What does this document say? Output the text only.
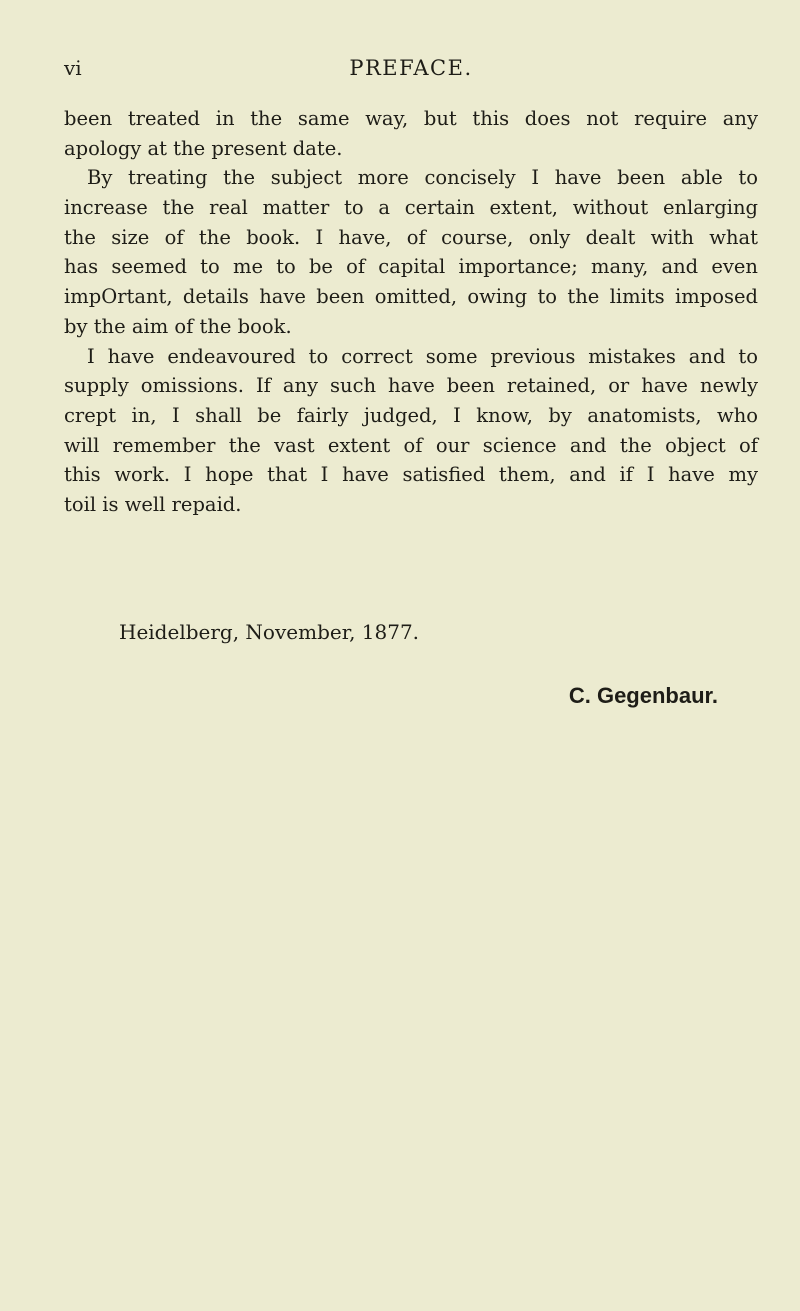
vi	PREFACE.
been treated in the same way, but this does not require any
apology at the present date.
By treating the subject more concisely I have been able to
increase the real matter to a certain extent, without enlarging
the size of the book. I have, of course, only dealt with what
has seemed to me to be of capital importance; many, and even
impOrtant, details have been omitted, owing to the limits imposed
by the aim of the book.
I have endeavoured to correct some previous mistakes and to
supply omissions. If any such have been retained, or have newly
crept in, I shall be fairly judged, I know, by anatomists, who
will remember the vast extent of our science and the object of
this work. I hope that I have satisfied them, and if I have my
toil is well repaid.
Heidelberg, November, 1877.
C. Gegenbaur.
